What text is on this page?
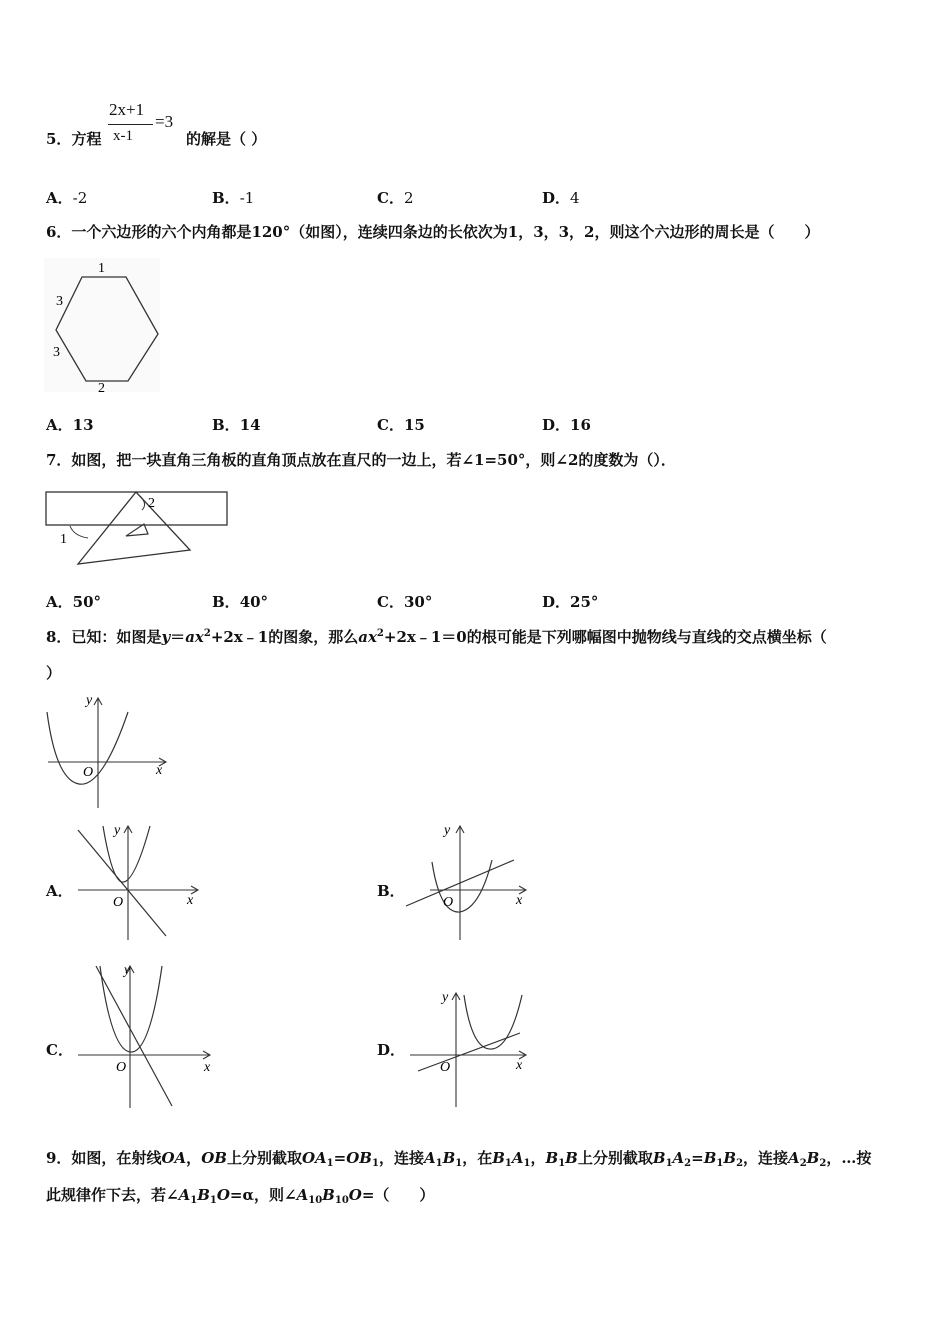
5．方程
2x+1
x-1
=3
的解是（ ）
A．-2	B．-1	C．2	D．4
6．一个六边形的六个内角都是120°（如图），连续四条边的长依次为1，3，3，2，则这个六边形的周长是（　　）
1
3
3
2
A．13	B．14	C．15	D．16
7．如图，把一块直角三角板的直角顶点放在直尺的一边上，若∠1=50°，则∠2的度数为（）．
1
2
A．50°	B．40°	C．30°	D．25°
8．已知：如图是$y=ax^2+2x﹣1$的图象，那么$ax^2+2x﹣1=0$的根可能是下列哪幅图中抛物线与直线的交点横坐标（
）
x
y
O
A．
x
y
O
B．
x
y
O
C．
x
y
O
D．
x
y
O
9．如图，在射线OA，OB上分别截取$OA_1=OB_1$，连接$A_1B_1$，在$B_1A_1$，$B_1B$上分别截取$B_1A_2=B_1B_2$，连接$A_2B_2$，…按
此规律作下去，若$\angle A_1B_1O=\alpha$，则$\angle A_{10}B_{10}O=$（　　）
